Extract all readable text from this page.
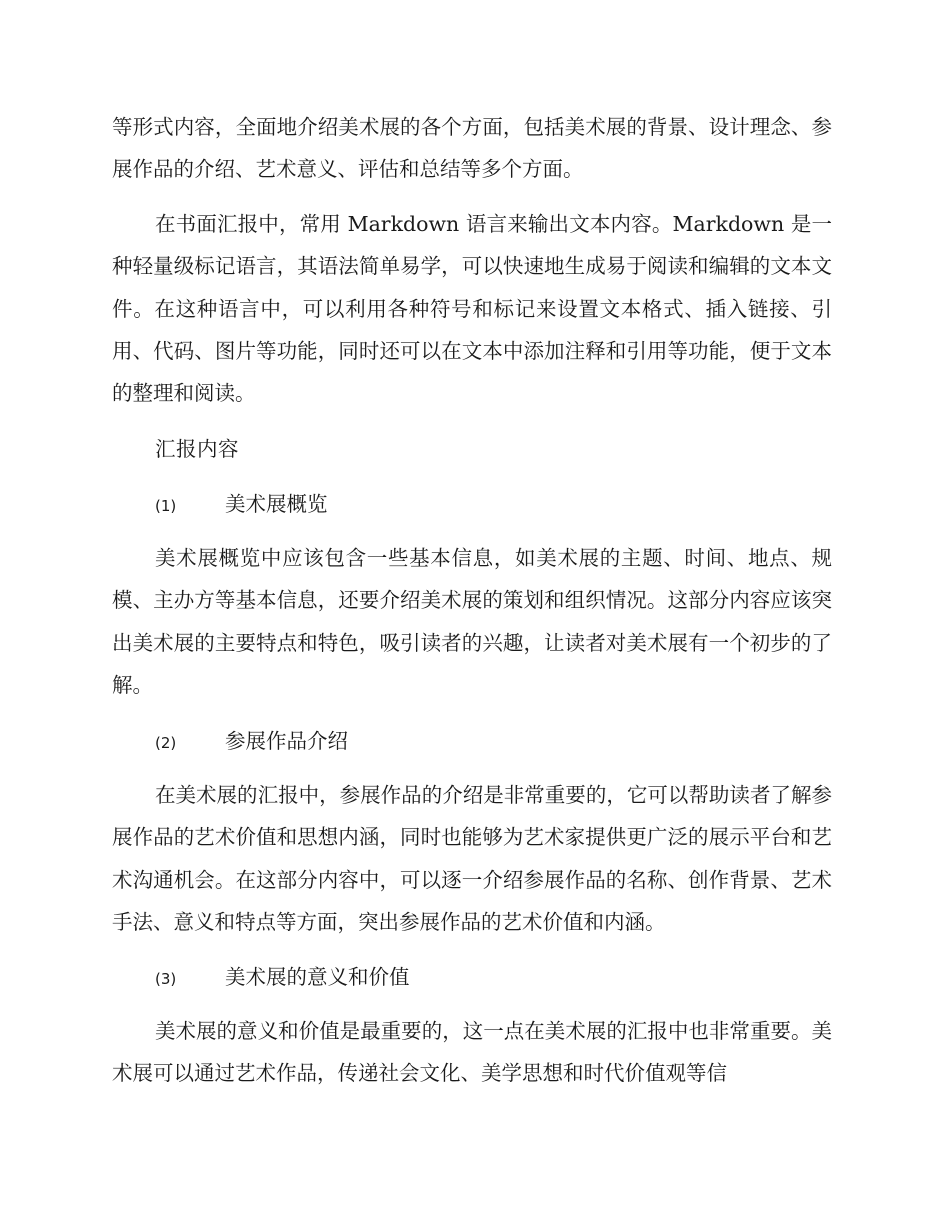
等形式内容，全面地介绍美术展的各个方面，包括美术展的背景、设计理念、参展作品的介绍、艺术意义、评估和总结等多个方面。

在书面汇报中，常用 Markdown 语言来输出文本内容。Markdown 是一种轻量级标记语言，其语法简单易学，可以快速地生成易于阅读和编辑的文本文件。在这种语言中，可以利用各种符号和标记来设置文本格式、插入链接、引用、代码、图片等功能，同时还可以在文本中添加注释和引用等功能，便于文本的整理和阅读。

汇报内容

(1) 美术展概览

美术展概览中应该包含一些基本信息，如美术展的主题、时间、地点、规模、主办方等基本信息，还要介绍美术展的策划和组织情况。这部分内容应该突出美术展的主要特点和特色，吸引读者的兴趣，让读者对美术展有一个初步的了解。

(2) 参展作品介绍

在美术展的汇报中，参展作品的介绍是非常重要的，它可以帮助读者了解参展作品的艺术价值和思想内涵，同时也能够为艺术家提供更广泛的展示平台和艺术沟通机会。在这部分内容中，可以逐一介绍参展作品的名称、创作背景、艺术手法、意义和特点等方面，突出参展作品的艺术价值和内涵。

(3) 美术展的意义和价值

美术展的意义和价值是最重要的，这一点在美术展的汇报中也非常重要。美术展可以通过艺术作品，传递社会文化、美学思想和时代价值观等信
